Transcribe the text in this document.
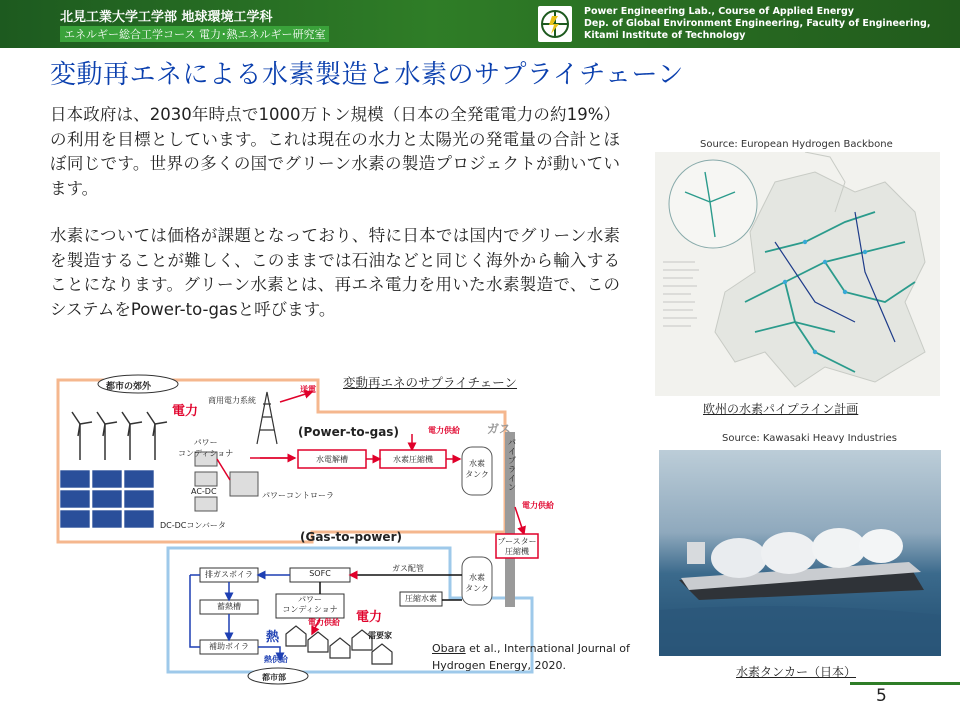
北見工業大学工学部 地球環境工学科
エネルギー総合工学コース 電力･熱エネルギー研究室
Power Engineering Lab., Course of Applied Energy
Dep. of Global Environment Engineering, Faculty of Engineering,
Kitami Institute of Technology
変動再エネによる水素製造と水素のサプライチェーン
日本政府は、2030年時点で1000万トン規模（日本の全発電電力の約19%）の利用を目標としています。これは現在の水力と太陽光の発電量の合計とほぼ同じです。世界の多くの国でグリーン水素の製造プロジェクトが動いています。
水素については価格が課題となっており、特に日本では国内でグリーン水素を製造することが難しく、このままでは石油などと同じく海外から輸入することになります。グリーン水素とは、再エネ電力を用いた水素製造で、このシステムをPower-to-gasと呼びます。
変動再エネのサプライチェーン
都市の郊外
電力
商用電力系統
送電
パワー
コンディショナ
AC-DC
DC-DCコンバータ
パワーコントローラ
(Power-to-gas)	電力供給 ガス
水電解槽	水素圧縮機	水素
タンク
パイプライン
電力供給
ブースター
圧縮機
(Gas-to-power)
排ガスボイラ	SOFC
ガス配管
水素
タンク
圧縮水素
蓄熱槽
パワー
コンディショナ
電力
電力供給
需要家
補助ボイラ
熱
熱供給
都市部
Obara et al., International Journal of Hydrogen Energy, 2020.
Source: European Hydrogen Backbone
欧州の水素パイプライン計画
Source: Kawasaki Heavy Industries
水素タンカー（日本）
5
